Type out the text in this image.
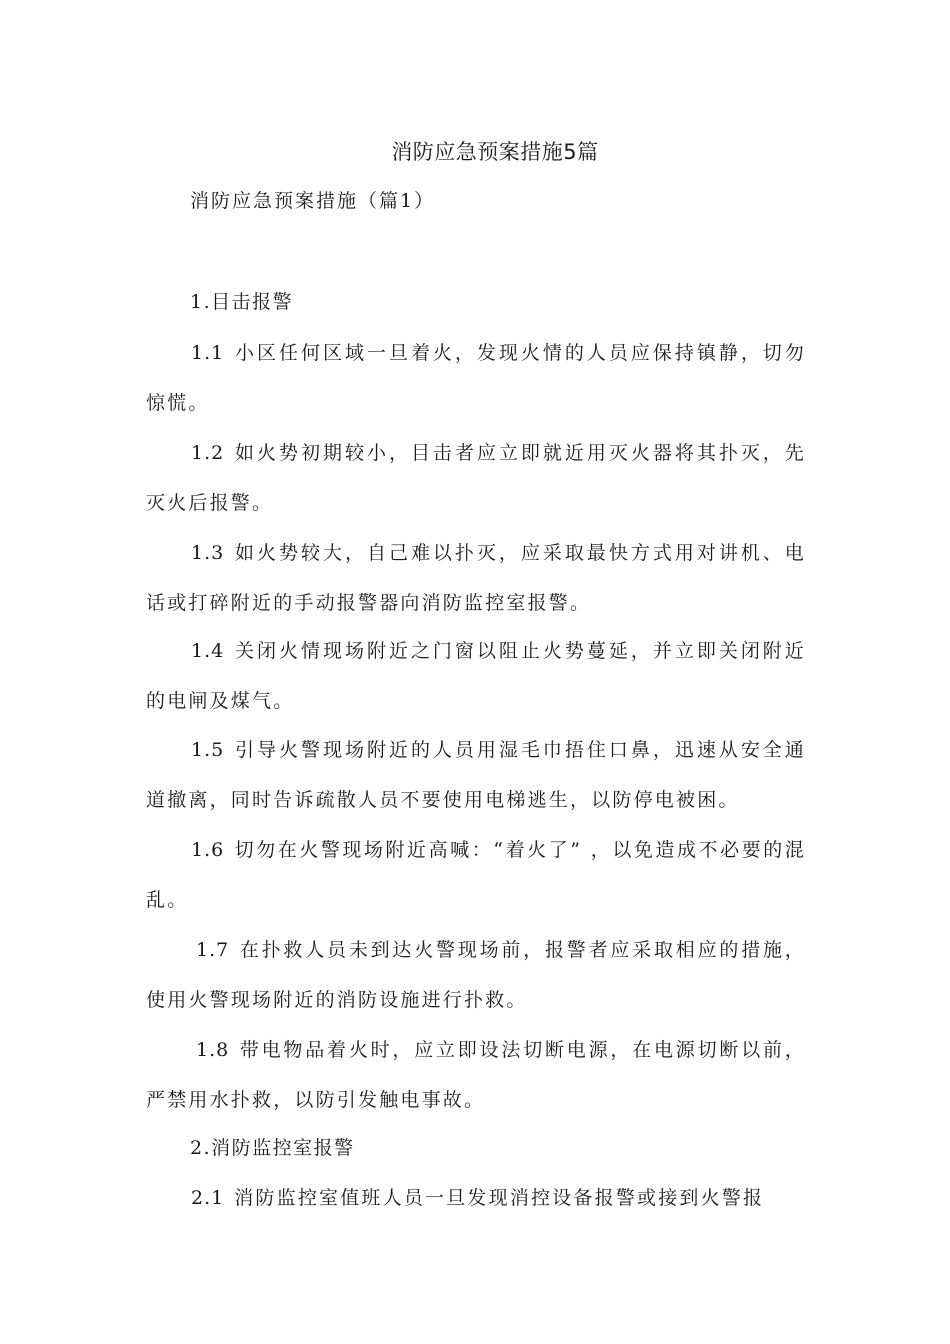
消防应急预案措施5篇
消防应急预案措施（篇1）
1.目击报警
1.1 小区任何区域一旦着火，发现火情的人员应保持镇静，切勿惊慌。
1.2 如火势初期较小，目击者应立即就近用灭火器将其扑灭，先灭火后报警。
1.3 如火势较大，自己难以扑灭，应采取最快方式用对讲机、电话或打碎附近的手动报警器向消防监控室报警。
1.4 关闭火情现场附近之门窗以阻止火势蔓延，并立即关闭附近的电闸及煤气。
1.5 引导火警现场附近的人员用湿毛巾捂住口鼻，迅速从安全通道撤离，同时告诉疏散人员不要使用电梯逃生，以防停电被困。
1.6 切勿在火警现场附近高喊：“着火了” ，以免造成不必要的混乱。
1.7 在扑救人员未到达火警现场前，报警者应采取相应的措施，使用火警现场附近的消防设施进行扑救。
1.8 带电物品着火时，应立即设法切断电源，在电源切断以前，严禁用水扑救，以防引发触电事故。
2.消防监控室报警
2.1 消防监控室值班人员一旦发现消控设备报警或接到火警报
